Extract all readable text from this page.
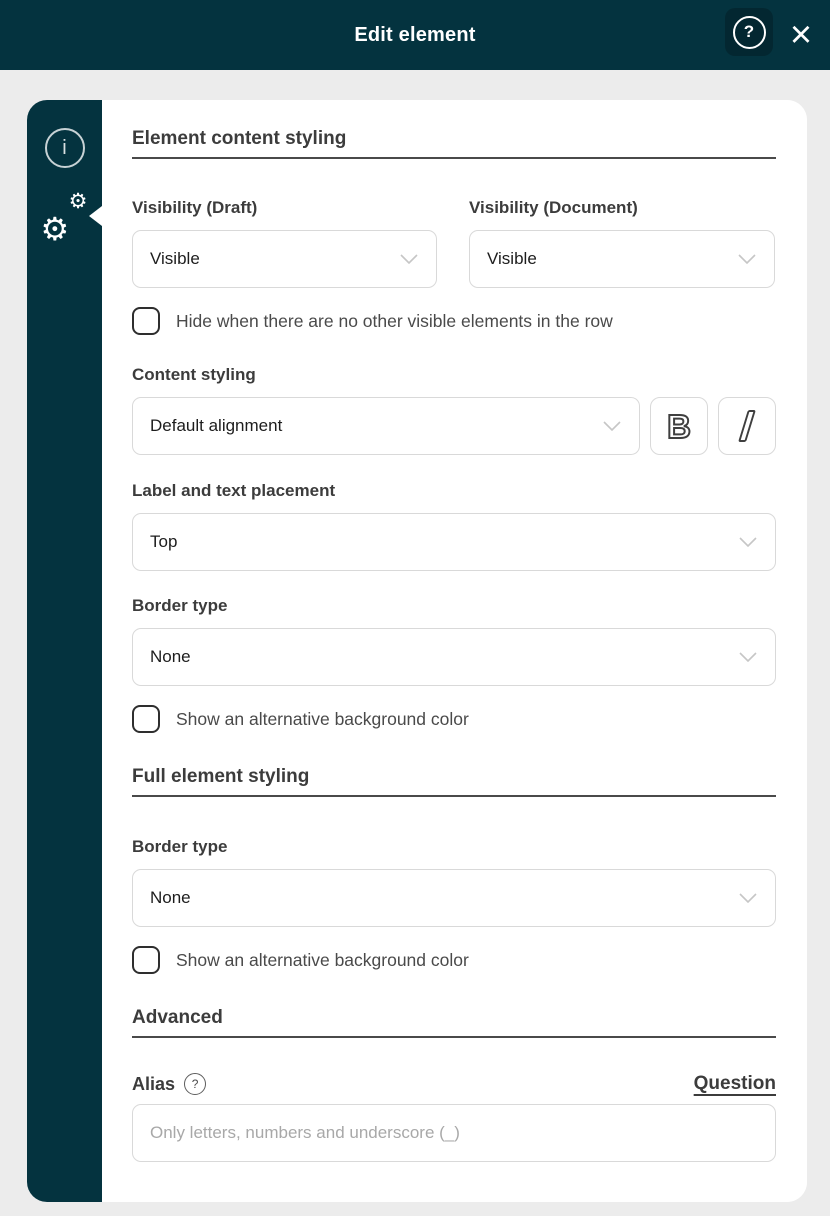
Edit element	? ×
i
⚙
⚙
Element content styling
Visibility (Draft)
Visible
Visibility (Document)
Visible
Hide when there are no other visible elements in the row
Content styling
Default alignment	B
Label and text placement
Top
Border type
None
Show an alternative background color
Full element styling
Border type
None
Show an alternative background color
Advanced
Alias	?	Question
Only letters, numbers and underscore (_)
